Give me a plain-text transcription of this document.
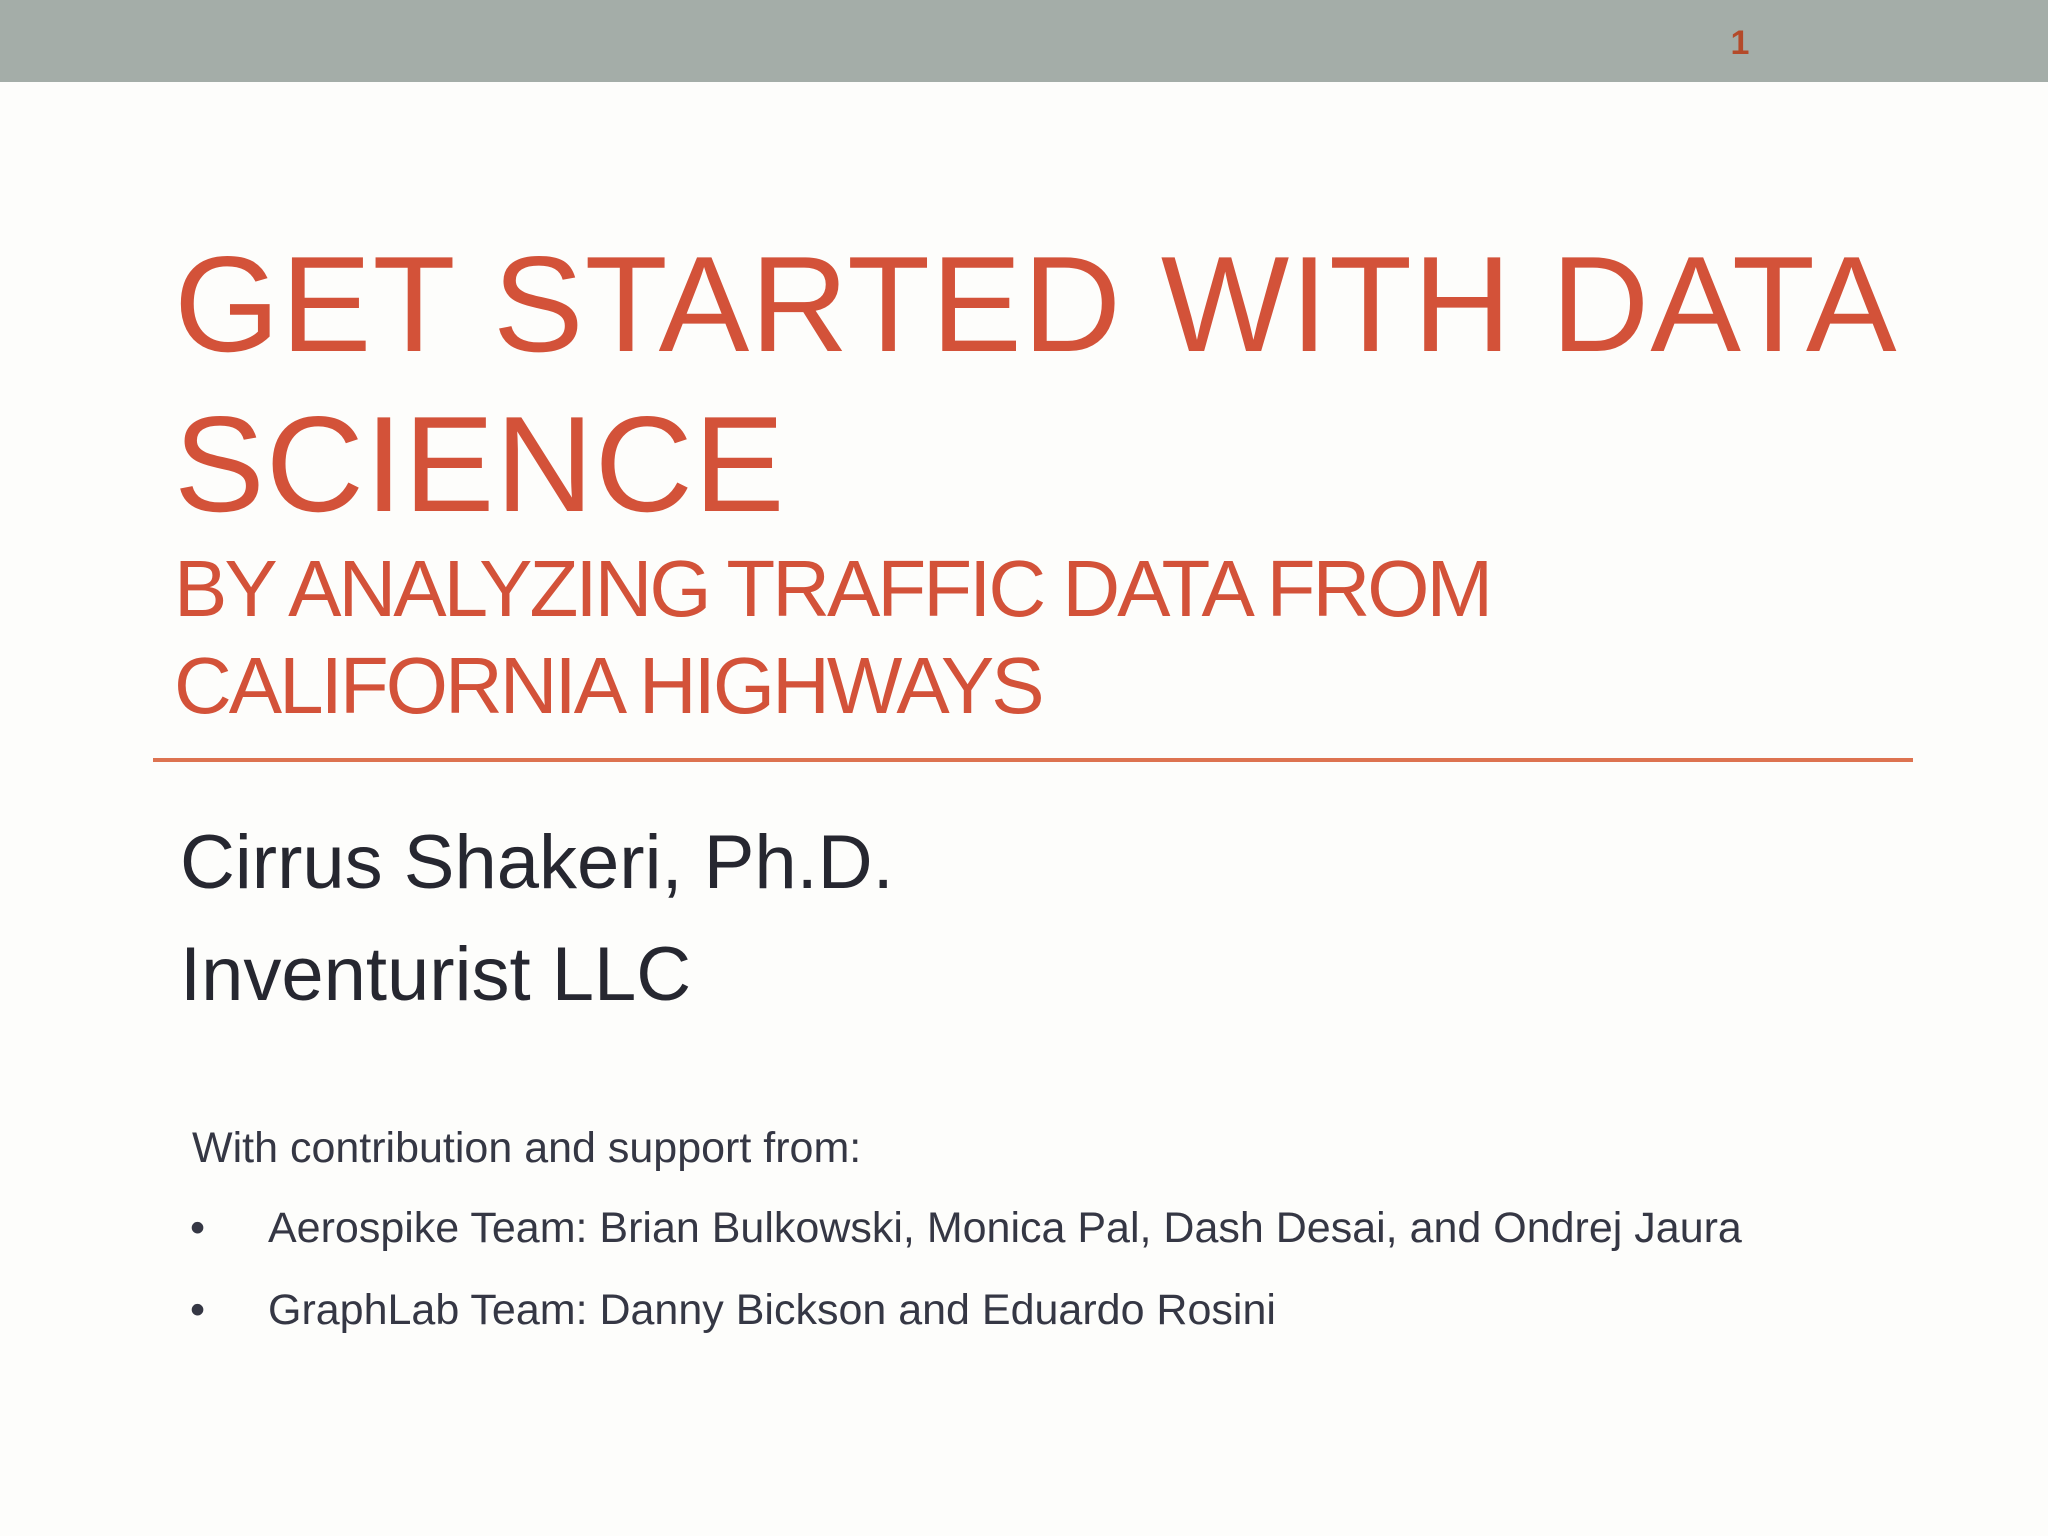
1
GET STARTED WITH DATA
SCIENCE
BY ANALYZING TRAFFIC DATA FROM
CALIFORNIA HIGHWAYS

Cirrus Shakeri, Ph.D.

Inventurist LLC

With contribution and support from:

• Aerospike Team: Brian Bulkowski, Monica Pal, Dash Desai, and Ondrej Jaura
• GraphLab Team: Danny Bickson and Eduardo Rosini
